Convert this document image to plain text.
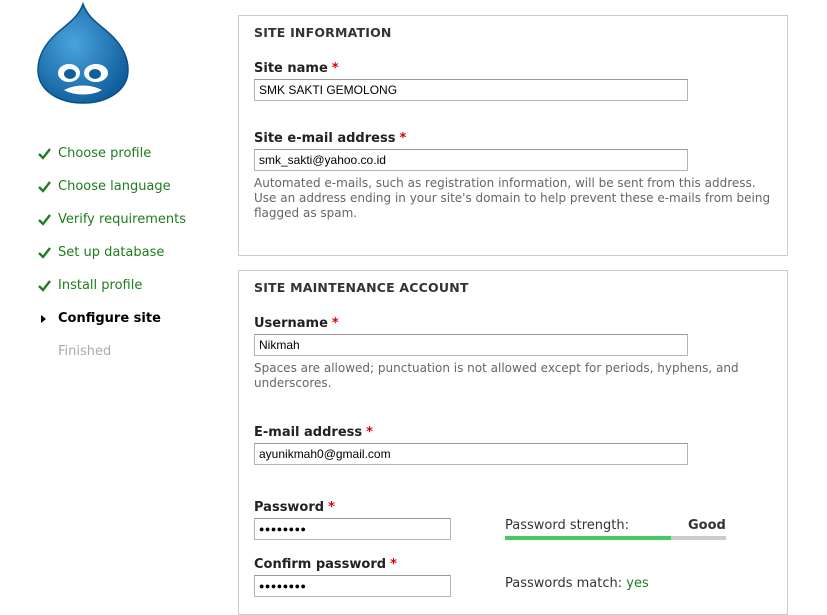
Choose profile
Choose language
Verify requirements
Set up database
Install profile
Configure site
Finished
SITE INFORMATION
Site name *
SMK SAKTI GEMOLONG
Site e-mail address *
smk_sakti@yahoo.co.id
Automated e-mails, such as registration information, will be sent from this address. Use an address ending in your site's domain to help prevent these e-mails from being flagged as spam.
SITE MAINTENANCE ACCOUNT
Username *
Nikmah
Spaces are allowed; punctuation is not allowed except for periods, hyphens, and underscores.
E-mail address *
ayunikmah0@gmail.com
Password *
●●●●●●●●	Password strength:	Good
Confirm password *
●●●●●●●●	Passwords match: yes
